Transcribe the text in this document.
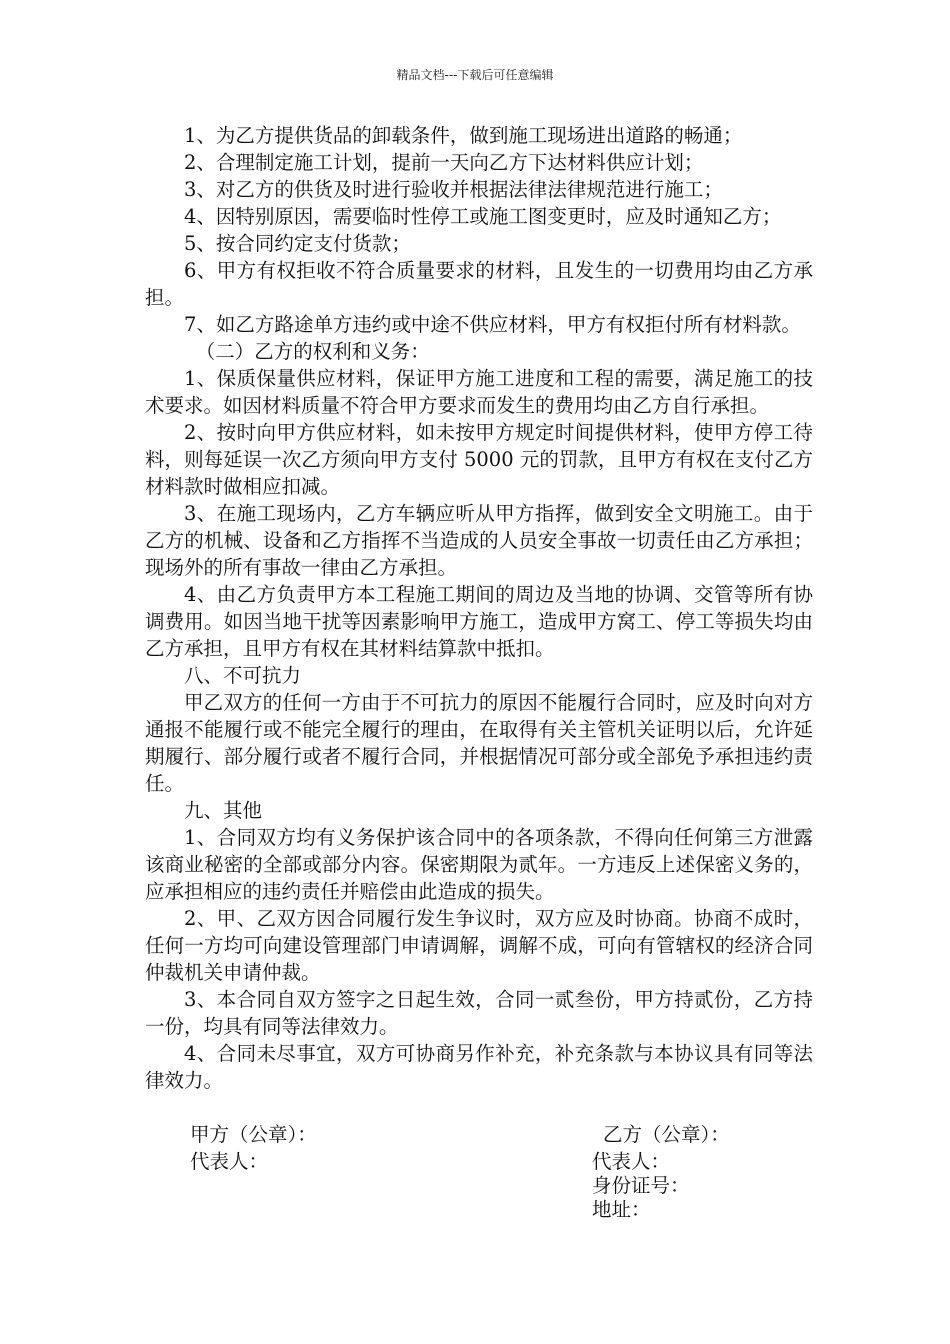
精品文档---下载后可任意编辑

1、为乙方提供货品的卸载条件，做到施工现场进出道路的畅通；

2、合理制定施工计划，提前一天向乙方下达材料供应计划；

3、对乙方的供货及时进行验收并根据法律法律规范进行施工；

4、因特别原因，需要临时性停工或施工图变更时，应及时通知乙方；

5、按合同约定支付货款；

6、甲方有权拒收不符合质量要求的材料，且发生的一切费用均由乙方承担。

7、如乙方路途单方违约或中途不供应材料，甲方有权拒付所有材料款。

（二）乙方的权利和义务：

1、保质保量供应材料，保证甲方施工进度和工程的需要，满足施工的技术要求。如因材料质量不符合甲方要求而发生的费用均由乙方自行承担。

2、按时向甲方供应材料，如未按甲方规定时间提供材料，使甲方停工待料，则每延误一次乙方须向甲方支付 5000 元的罚款，且甲方有权在支付乙方材料款时做相应扣减。

3、在施工现场内，乙方车辆应听从甲方指挥，做到安全文明施工。由于乙方的机械、设备和乙方指挥不当造成的人员安全事故一切责任由乙方承担；现场外的所有事故一律由乙方承担。

4、由乙方负责甲方本工程施工期间的周边及当地的协调、交管等所有协调费用。如因当地干扰等因素影响甲方施工，造成甲方窝工、停工等损失均由乙方承担，且甲方有权在其材料结算款中抵扣。

八、不可抗力

甲乙双方的任何一方由于不可抗力的原因不能履行合同时，应及时向对方通报不能履行或不能完全履行的理由，在取得有关主管机关证明以后，允许延期履行、部分履行或者不履行合同，并根据情况可部分或全部免予承担违约责任。

九、其他

1、合同双方均有义务保护该合同中的各项条款，不得向任何第三方泄露该商业秘密的全部或部分内容。保密期限为贰年。一方违反上述保密义务的，应承担相应的违约责任并赔偿由此造成的损失。

2、甲、乙双方因合同履行发生争议时，双方应及时协商。协商不成时，任何一方均可向建设管理部门申请调解，调解不成，可向有管辖权的经济合同仲裁机关申请仲裁。

3、本合同自双方签字之日起生效，合同一贰叁份，甲方持贰份，乙方持一份，均具有同等法律效力。

4、合同未尽事宜，双方可协商另作补充，补充条款与本协议具有同等法律效力。

甲方（公章）：
代表人：
乙方（公章）：
代表人：
身份证号：
地址：
